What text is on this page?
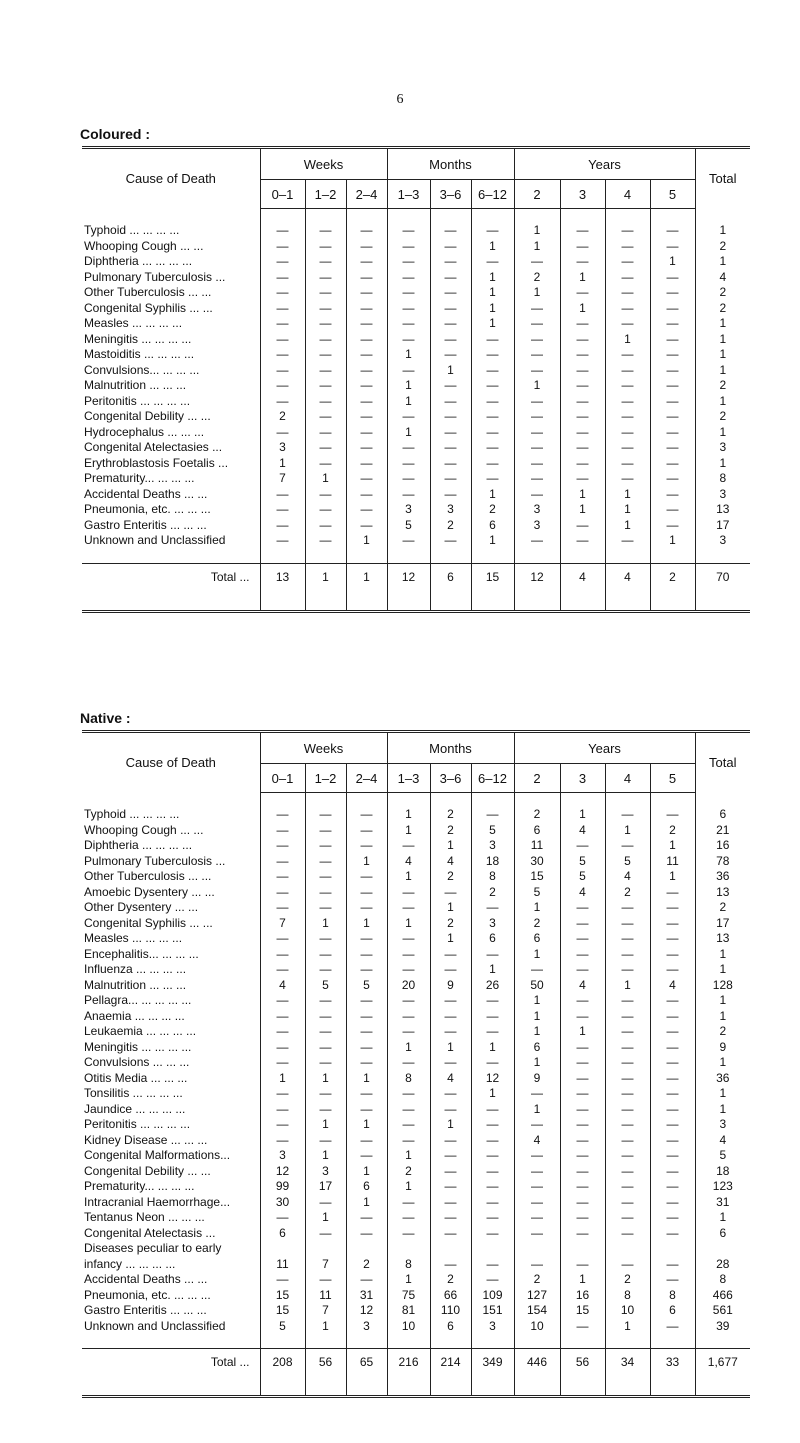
6
Coloured :
Cause of Death	Weeks			Months			Years				Total
	0–1	1–2	2–4	1–3	3–6	6–12	2	3	4	5	

Typhoid ... ... ... ...	—	—	—	—	—	—	1	—	—	—	1
Whooping Cough ... ...	—	—	—	—	—	1	1	—	—	—	2
Diphtheria ... ... ... ...	—	—	—	—	—	—	—	—	—	1	1
Pulmonary Tuberculosis ...	—	—	—	—	—	1	2	1	—	—	4
Other Tuberculosis ... ...	—	—	—	—	—	1	1	—	—	—	2
Congenital Syphilis ... ...	—	—	—	—	—	1	—	1	—	—	2
Measles ... ... ... ...	—	—	—	—	—	1	—	—	—	—	1
Meningitis ... ... ... ...	—	—	—	—	—	—	—	—	1	—	1
Mastoiditis ... ... ... ...	—	—	—	1	—	—	—	—	—	—	1
Convulsions... ... ... ...	—	—	—	—	1	—	—	—	—	—	1
Malnutrition ... ... ...	—	—	—	1	—	—	1	—	—	—	2
Peritonitis ... ... ... ...	—	—	—	1	—	—	—	—	—	—	1
Congenital Debility ... ...	2	—	—	—	—	—	—	—	—	—	2
Hydrocephalus ... ... ...	—	—	—	1	—	—	—	—	—	—	1
Congenital Atelectasies ...	3	—	—	—	—	—	—	—	—	—	3
Erythroblastosis Foetalis ...	1	—	—	—	—	—	—	—	—	—	1
Prematurity... ... ... ...	7	1	—	—	—	—	—	—	—	—	8
Accidental Deaths ... ...	—	—	—	—	—	1	—	1	1	—	3
Pneumonia, etc. ... ... ...	—	—	—	3	3	2	3	1	1	—	13
Gastro Enteritis ... ... ...	—	—	—	5	2	6	3	—	1	—	17
Unknown and Unclassified	—	—	1	—	—	1	—	—	—	1	3

Total ...	13	1	1	12	6	15	12	4	4	2	70
Native :
Cause of Death	Weeks			Months			Years				Total
	0–1	1–2	2–4	1–3	3–6	6–12	2	3	4	5	

Typhoid ... ... ... ...	—	—	—	1	2	—	2	1	—	—	6
Whooping Cough ... ...	—	—	—	1	2	5	6	4	1	2	21
Diphtheria ... ... ... ...	—	—	—	—	1	3	11	—	—	1	16
Pulmonary Tuberculosis ...	—	—	1	4	4	18	30	5	5	11	78
Other Tuberculosis ... ...	—	—	—	1	2	8	15	5	4	1	36
Amoebic Dysentery ... ...	—	—	—	—	—	2	5	4	2	—	13
Other Dysentery ... ...	—	—	—	—	1	—	1	—	—	—	2
Congenital Syphilis ... ...	7	1	1	1	2	3	2	—	—	—	17
Measles ... ... ... ...	—	—	—	—	1	6	6	—	—	—	13
Encephalitis... ... ... ...	—	—	—	—	—	—	1	—	—	—	1
Influenza ... ... ... ...	—	—	—	—	—	1	—	—	—	—	1
Malnutrition ... ... ...	4	5	5	20	9	26	50	4	1	4	128
Pellagra... ... ... ... ...	—	—	—	—	—	—	1	—	—	—	1
Anaemia ... ... ... ...	—	—	—	—	—	—	1	—	—	—	1
Leukaemia ... ... ... ...	—	—	—	—	—	—	1	1	—	—	2
Meningitis ... ... ... ...	—	—	—	1	1	1	6	—	—	—	9
Convulsions ... ... ...	—	—	—	—	—	—	1	—	—	—	1
Otitis Media ... ... ...	1	1	1	8	4	12	9	—	—	—	36
Tonsilitis ... ... ... ...	—	—	—	—	—	1	—	—	—	—	1
Jaundice ... ... ... ...	—	—	—	—	—	—	1	—	—	—	1
Peritonitis ... ... ... ...	—	1	1	—	1	—	—	—	—	—	3
Kidney Disease ... ... ...	—	—	—	—	—	—	4	—	—	—	4
Congenital Malformations...	3	1	—	1	—	—	—	—	—	—	5
Congenital Debility ... ...	12	3	1	2	—	—	—	—	—	—	18
Prematurity... ... ... ...	99	17	6	1	—	—	—	—	—	—	123
Intracranial Haemorrhage...	30	—	1	—	—	—	—	—	—	—	31
Tentanus Neon ... ... ...	—	1	—	—	—	—	—	—	—	—	1
Congenital Atelectasis ...	6	—	—	—	—	—	—	—	—	—	6
Diseases peculiar to early											
infancy ... ... ... ...	11	7	2	8	—	—	—	—	—	—	28
Accidental Deaths ... ...	—	—	—	1	2	—	2	1	2	—	8
Pneumonia, etc. ... ... ...	15	11	31	75	66	109	127	16	8	8	466
Gastro Enteritis ... ... ...	15	7	12	81	110	151	154	15	10	6	561
Unknown and Unclassified	5	1	3	10	6	3	10	—	1	—	39

Total ...	208	56	65	216	214	349	446	56	34	33	1,677
